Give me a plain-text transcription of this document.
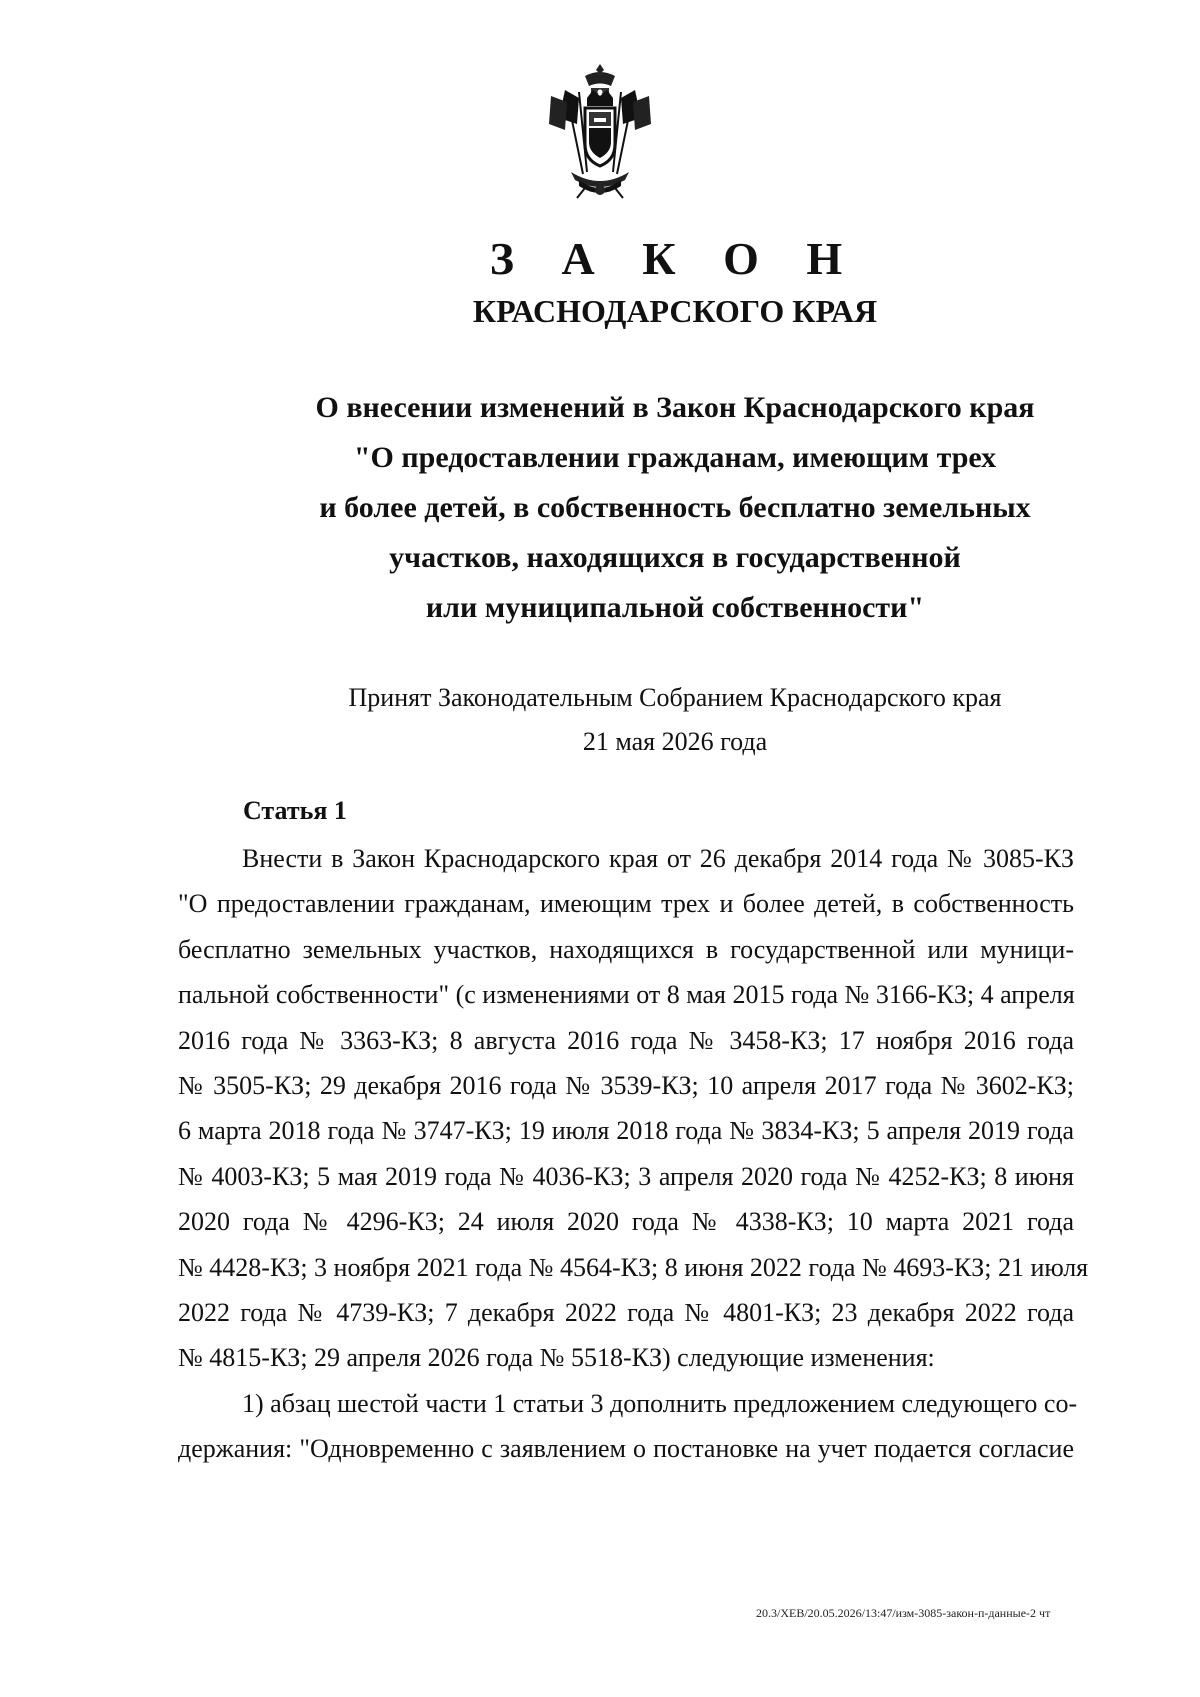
З А К О Н
КРАСНОДАРСКОГО КРАЯ
О внесении изменений в Закон Краснодарского края
"О предоставлении гражданам, имеющим трех
и более детей, в собственность бесплатно земельных
участков, находящихся в государственной
или муниципальной собственности"
Принят Законодательным Собранием Краснодарского края
21 мая 2026 года
Статья 1
Внести в Закон Краснодарского края от 26 декабря 2014 года № 3085-КЗ
"О предоставлении гражданам, имеющим трех и более детей, в собственность
бесплатно земельных участков, находящихся в государственной или муници-
пальной собственности" (с изменениями от 8 мая 2015 года № 3166-КЗ; 4 апреля
2016 года № 3363-КЗ; 8 августа 2016 года № 3458-КЗ; 17 ноября 2016 года
№ 3505-КЗ; 29 декабря 2016 года № 3539-КЗ; 10 апреля 2017 года № 3602-КЗ;
6 марта 2018 года № 3747-КЗ; 19 июля 2018 года № 3834-КЗ; 5 апреля 2019 года
№ 4003-КЗ; 5 мая 2019 года № 4036-КЗ; 3 апреля 2020 года № 4252-КЗ; 8 июня
2020 года № 4296-КЗ; 24 июля 2020 года № 4338-КЗ; 10 марта 2021 года
№ 4428-КЗ; 3 ноября 2021 года № 4564-КЗ; 8 июня 2022 года № 4693-КЗ; 21 июля
2022 года № 4739-КЗ; 7 декабря 2022 года № 4801-КЗ; 23 декабря 2022 года
№ 4815-КЗ; 29 апреля 2026 года № 5518-КЗ) следующие изменения:
1) абзац шестой части 1 статьи 3 дополнить предложением следующего со-
держания: "Одновременно с заявлением о постановке на учет подается согласие
20.3/ХЕВ/20.05.2026/13:47/изм-3085-закон-п-данные-2 чт
